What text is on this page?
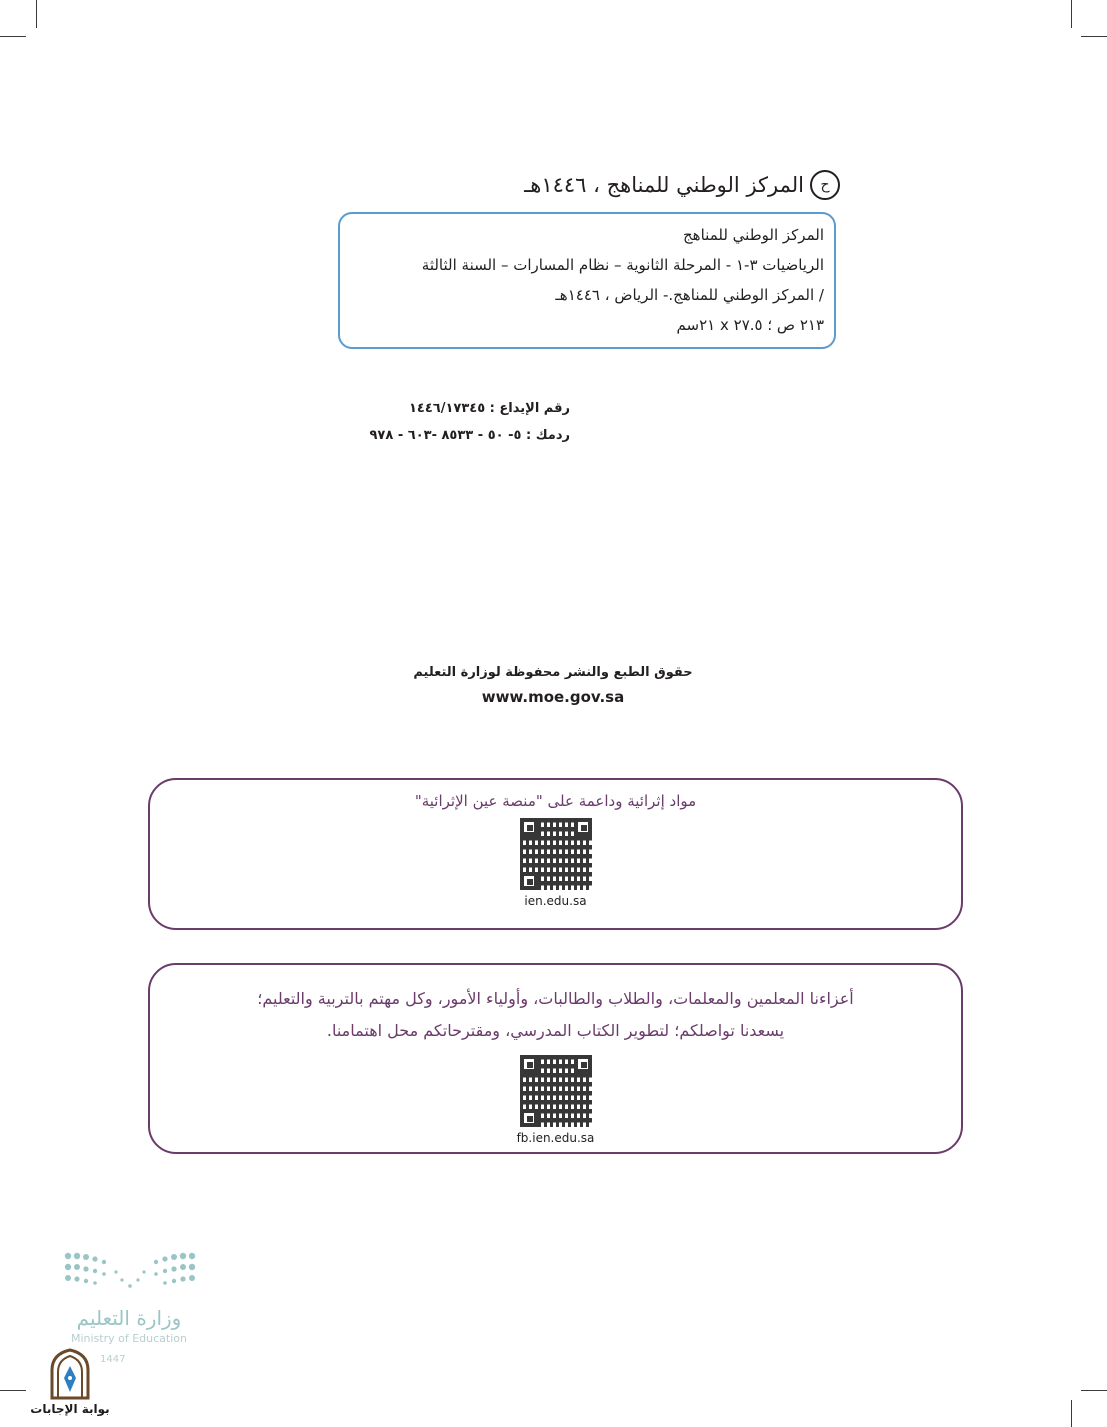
ح
المركز الوطني للمناهج ، ١٤٤٦هـ
المركز الوطني للمناهج
الرياضيات ٣-١ - المرحلة الثانوية – نظام المسارات – السنة الثالثة
/ المركز الوطني للمناهج.- الرياض ، ١٤٤٦هـ
٢١٣ ص ؛ ٢٧.٥ x ٢١سم
رقم الإيداع : ١٤٤٦/١٧٣٤٥
ردمك : ٥- ٥٠ - ٨٥٣٣ -٦٠٣ - ٩٧٨
حقوق الطبع والنشر محفوظة لوزارة التعليم
www.moe.gov.sa
مواد إثرائية وداعمة على "منصة عين الإثرائية"
ien.edu.sa
أعزاءنا المعلمين والمعلمات، والطلاب والطالبات، وأولياء الأمور، وكل مهتم بالتربية والتعليم؛
يسعدنا تواصلكم؛ لتطوير الكتاب المدرسي، ومقترحاتكم محل اهتمامنا.
fb.ien.edu.sa
وزارة التعليم
Ministry of Education
1447
بوابة الإجابات
